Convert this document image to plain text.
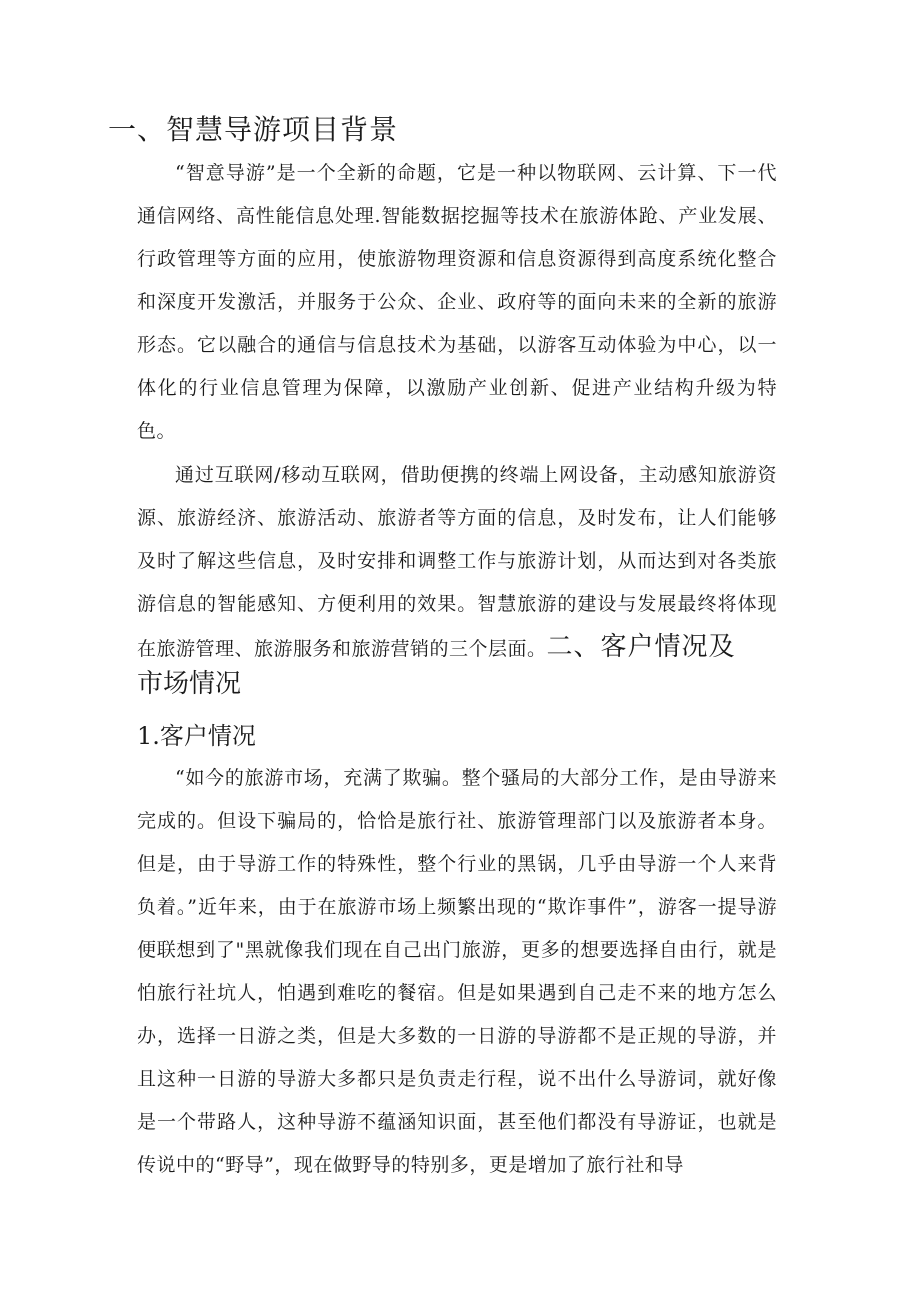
一、智慧导游项目背景

“智意导游”是一个全新的命题，它是一种以物联网、云计算、下一代通信网络、高性能信息处理.智能数据挖掘等技术在旅游体跄、产业发展、行政管理等方面的应用，使旅游物理资源和信息资源得到高度系统化整合和深度开发激活，并服务于公众、企业、政府等的面向未来的全新的旅游形态。它以融合的通信与信息技术为基础，以游客互动体验为中心，以一体化的行业信息管理为保障，以激励产业创新、促进产业结构升级为特色。

通过互联网/移动互联网，借助便携的终端上网设备，主动感知旅游资源、旅游经济、旅游活动、旅游者等方面的信息，及时发布，让人们能够及时了解这些信息，及时安排和调整工作与旅游计划，从而达到对各类旅游信息的智能感知、方便利用的效果。智慧旅游的建设与发展最终将体现在旅游管理、旅游服务和旅游营销的三个层面。二、客户情况及

市场情况
1.客户情况

“如今的旅游市场，充满了欺骗。整个骚局的大部分工作，是由导游来完成的。但设下骗局的，恰恰是旅行社、旅游管理部门以及旅游者本身。但是，由于导游工作的特殊性，整个行业的黑锅，几乎由导游一个人来背负着。”近年来，由于在旅游市场上频繁出现的“欺诈事件”，游客一提导游便联想到了"黑就像我们现在自己出门旅游，更多的想要选择自由行，就是怕旅行社坑人，怕遇到难吃的餐宿。但是如果遇到自己走不来的地方怎么办，选择一日游之类，但是大多数的一日游的导游都不是正规的导游，并且这种一日游的导游大多都只是负责走行程，说不出什么导游词，就好像是一个带路人，这种导游不蕴涵知识面，甚至他们都没有导游证，也就是传说中的“野导”，现在做野导的特别多，更是增加了旅行社和导
